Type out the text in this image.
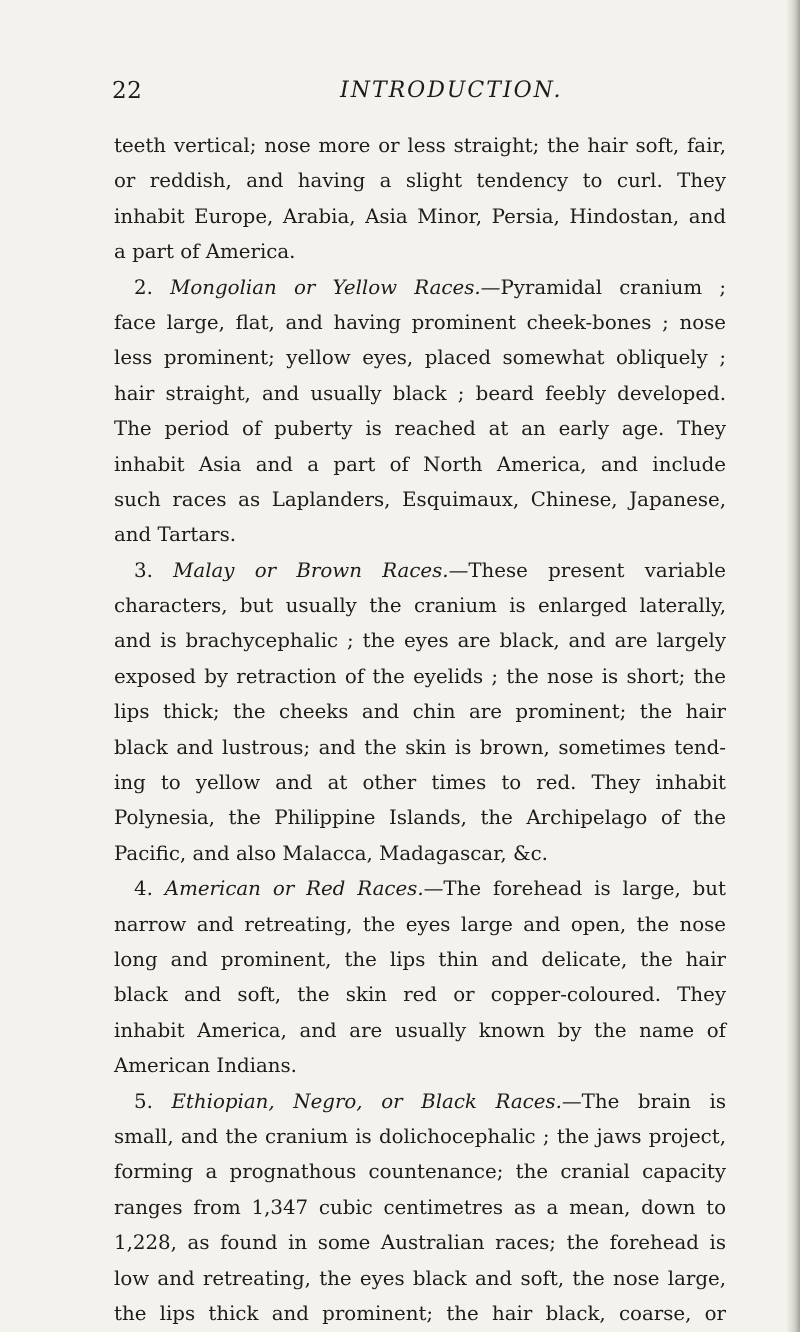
22	INTRODUCTION.
teeth vertical; nose more or less straight; the hair soft, fair,
or reddish, and having a slight tendency to curl. They
inhabit Europe, Arabia, Asia Minor, Persia, Hindostan, and
a part of America.
2. Mongolian or Yellow Races.—Pyramidal cranium ;
face large, flat, and having prominent cheek-bones ; nose
less prominent; yellow eyes, placed somewhat obliquely ;
hair straight, and usually black ; beard feebly developed.
The period of puberty is reached at an early age. They
inhabit Asia and a part of North America, and include
such races as Laplanders, Esquimaux, Chinese, Japanese,
and Tartars.
3. Malay or Brown Races.—These present variable
characters, but usually the cranium is enlarged laterally,
and is brachycephalic ; the eyes are black, and are largely
exposed by retraction of the eyelids ; the nose is short; the
lips thick; the cheeks and chin are prominent; the hair
black and lustrous; and the skin is brown, sometimes tend-
ing to yellow and at other times to red. They inhabit
Polynesia, the Philippine Islands, the Archipelago of the
Pacific, and also Malacca, Madagascar, &c.
4. American or Red Races.—The forehead is large, but
narrow and retreating, the eyes large and open, the nose
long and prominent, the lips thin and delicate, the hair
black and soft, the skin red or copper-coloured. They
inhabit America, and are usually known by the name of
American Indians.
5. Ethiopian, Negro, or Black Races.—The brain is
small, and the cranium is dolichocephalic ; the jaws project,
forming a prognathous countenance; the cranial capacity
ranges from 1,347 cubic centimetres as a mean, down to
1,228, as found in some Australian races; the forehead is
low and retreating, the eyes black and soft, the nose large,
the lips thick and prominent; the hair black, coarse, or
